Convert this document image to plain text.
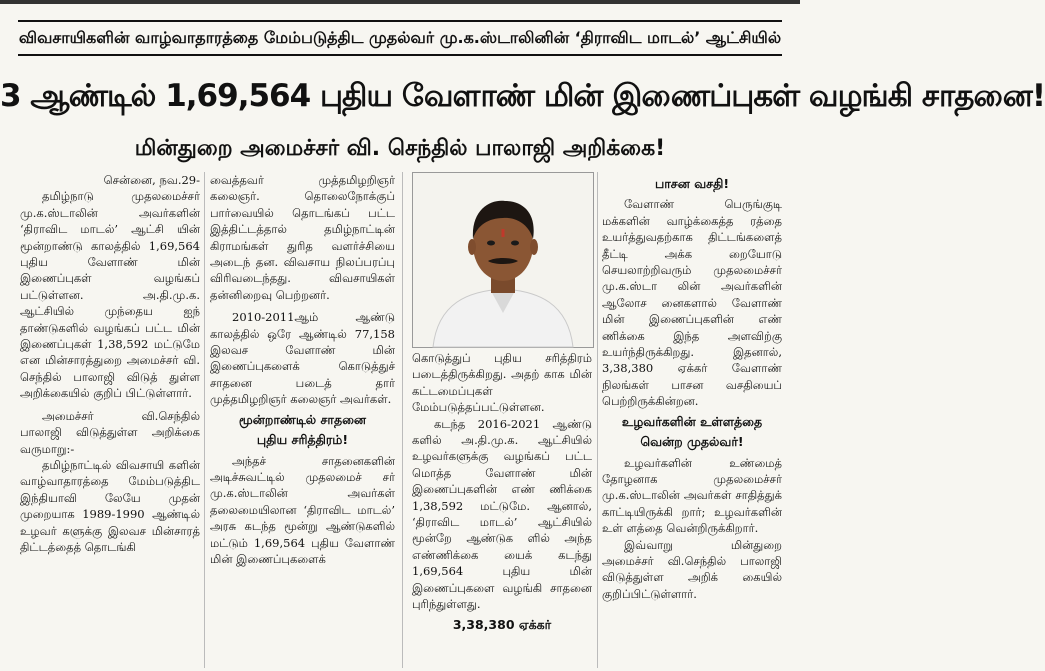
விவசாயிகளின் வாழ்வாதாரத்தை மேம்படுத்திட முதல்வர் மு.க.ஸ்டாலினின் ‘திராவிட மாடல்’ ஆட்சியில்
3 ஆண்டில் 1,69,564 புதிய வேளாண் மின் இணைப்புகள் வழங்கி சாதனை!
மின்துறை அமைச்சர் வி. செந்தில் பாலாஜி அறிக்கை!

சென்னை, நவ.29-

தமிழ்நாடு முதலமைச்சர் மு.க.ஸ்டாலின் அவர்களின் ‘திராவிட மாடல்’ ஆட்சி யின் மூன்றாண்டு காலத்தில் 1,69,564 புதிய வேளாண் மின் இணைப்புகள் வழங்கப் பட்டுள்ளன. அ.தி.மு.க. ஆட்சியில் முந்தைய ஐந் தாண்டுகளில் வழங்கப் பட்ட மின் இணைப்புகள் 1,38,592 மட்டுமே என மின்சாரத்துறை அமைச்சர் வி. செந்தில் பாலாஜி விடுத் துள்ள அறிக்கையில் குறிப் பிட்டுள்ளார்.

அமைச்சர் வி.செந்தில் பாலாஜி விடுத்துள்ள அறிக்கை வருமாறு:-

தமிழ்நாட்டில் விவசாயி களின் வாழ்வாதாரத்தை மேம்படுத்திட இந்தியாவி லேயே முதன் முறையாக 1989-1990 ஆண்டில் உழவர் களுக்கு இலவச மின்சாரத் திட்டத்தைத் தொடங்கி

வைத்தவர் முத்தமிழறிஞர் கலைஞர். தொலைநோக்குப் பார்வையில் தொடங்கப் பட்ட இத்திட்டத்தால் தமிழ்நாட்டின் கிராமங்கள் துரித வளர்ச்சியை அடைந் தன. விவசாய நிலப்பரப்பு விரிவடைந்தது. விவசாயிகள் தன்னிறைவு பெற்றனர்.

2010-2011ஆம் ஆண்டு காலத்தில் ஒரே ஆண்டில் 77,158 இலவச வேளாண் மின் இணைப்புகளைக் கொடுத்துச் சாதனை படைத் தார் முத்தமிழறிஞர் கலைஞர் அவர்கள்.

மூன்றாண்டில் சாதனை
புதிய சரித்திரம்!

அந்தச் சாதனைகளின் அடிச்சுவட்டில் முதலமைச் சர் மு.க.ஸ்டாலின் அவர்கள் தலைமையிலான ‘திராவிட மாடல்’ அரசு கடந்த மூன்று ஆண்டுகளில் மட்டும் 1,69,564 புதிய வேளாண் மின் இணைப்புகளைக்

கொடுத்துப் புதிய சரித்திரம் படைத்திருக்கிறது. அதற் காக மின் கட்டமைப்புகள் மேம்படுத்தப்பட்டுள்ளன.

கடந்த 2016-2021 ஆண்டு களில் அ.தி.மு.க. ஆட்சியில் உழவர்களுக்கு வழங்கப் பட்ட மொத்த வேளாண் மின் இணைப்புகளின் எண் ணிக்கை 1,38,592 மட்டுமே. ஆனால், ‘திராவிட மாடல்’ ஆட்சியில் மூன்றே ஆண்டுக ளில் அந்த எண்ணிக்கை யைக் கடந்து 1,69,564 புதிய மின் இணைப்புகளை வழங்கி சாதனை புரிந்துள்ளது.

3,38,380 ஏக்கர்
பாசன வசதி!

வேளாண் பெருங்குடி மக்களின் வாழ்க்கைத்த ரத்தை உயர்த்துவதற்காக திட்டங்களைத் தீட்டி அக்க றையோடு செயலாற்றிவரும் முதலமைச்சர் மு.க.ஸ்டா லின் அவர்களின் ஆலோச னைகளால் வேளாண் மின் இணைப்புகளின் எண் ணிக்கை இந்த அளவிற்கு உயர்ந்திருக்கிறது. இதனால், 3,38,380 ஏக்கர் வேளாண் நிலங்கள் பாசன வசதியைப் பெற்றிருக்கின்றன.

உழவர்களின் உள்ளத்தை
வென்ற முதல்வர்!

உழவர்களின் உண்மைத் தோழனாக முதலமைச்சர் மு.க.ஸ்டாலின் அவர்கள் சாதித்துக் காட்டியிருக்கி றார்; உழவர்களின் உள் ளத்தை வென்றிருக்கிறார்.

இவ்வாறு மின்துறை அமைச்சர் வி.செந்தில் பாலாஜி விடுத்துள்ள அறிக் கையில் குறிப்பிட்டுள்ளார்.
